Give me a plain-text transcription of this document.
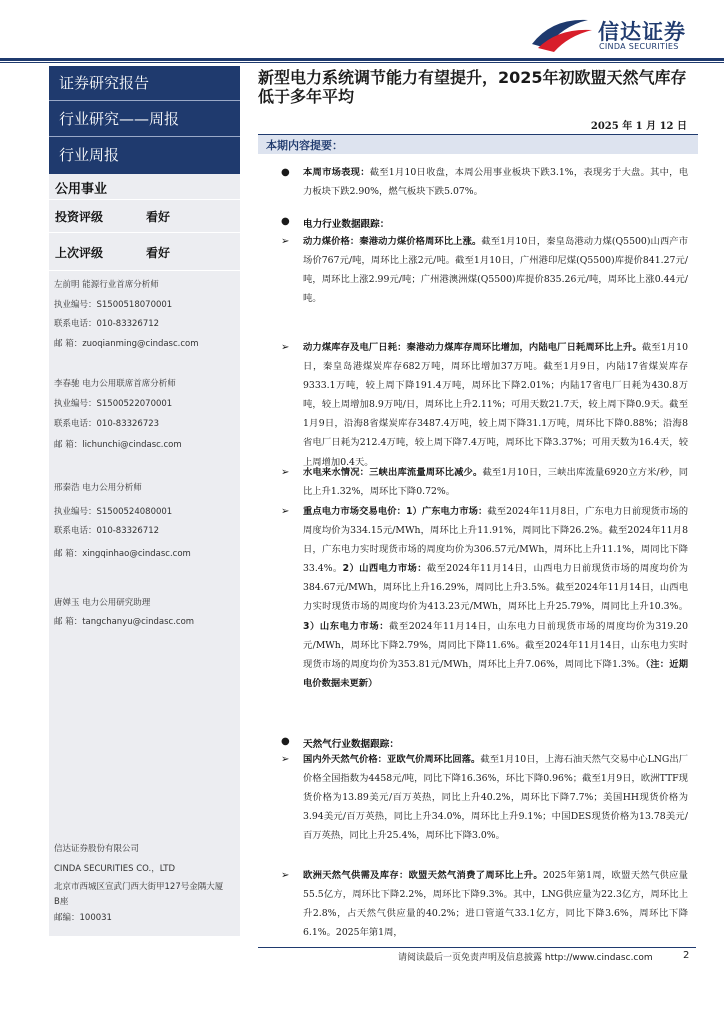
信达证券
CINDA SECURITIES
证券研究报告
行业研究——周报
行业周报
公用事业
投资评级	看好
上次评级	看好
左前明 能源行业首席分析师
执业编号：S1500518070001
联系电话：010-83326712
邮 箱：zuoqianming@cindasc.com
李春驰 电力公用联席首席分析师
执业编号：S1500522070001
联系电话：010-83326723
邮 箱：lichunchi@cindasc.com
邢秦浩 电力公用分析师
执业编号：S1500524080001
联系电话：010-83326712
邮 箱：xingqinhao@cindasc.com
唐婵玉 电力公用研究助理
邮 箱：tangchanyu@cindasc.com
信达证券股份有限公司
CINDA SECURITIES CO.，LTD
北京市西城区宣武门西大街甲127号金隅大厦
B座
邮编：100031
新型电力系统调节能力有望提升，2025年初欧盟天然气库存低于多年平均
2025 年 1 月 12 日
本期内容提要：
● 本周市场表现：截至1月10日收盘，本周公用事业板块下跌3.1%，表现劣于大盘。其中，电力板块下跌2.90%，燃气板块下跌5.07%。
● 电力行业数据跟踪：
➢ 动力煤价格：秦港动力煤价格周环比上涨。截至1月10日，秦皇岛港动力煤(Q5500)山西产市场价767元/吨，周环比上涨2元/吨。截至1月10日，广州港印尼煤(Q5500)库提价841.27元/吨，周环比上涨2.99元/吨；广州港澳洲煤(Q5500)库提价835.26元/吨，周环比上涨0.44元/吨。
➢ 动力煤库存及电厂日耗：秦港动力煤库存周环比增加，内陆电厂日耗周环比上升。截至1月10日，秦皇岛港煤炭库存682万吨，周环比增加37万吨。截至1月9日，内陆17省煤炭库存9333.1万吨，较上周下降191.4万吨，周环比下降2.01%；内陆17省电厂日耗为430.8万吨，较上周增加8.9万吨/日，周环比上升2.11%；可用天数21.7天，较上周下降0.9天。截至1月9日，沿海8省煤炭库存3487.4万吨，较上周下降31.1万吨，周环比下降0.88%；沿海8省电厂日耗为212.4万吨，较上周下降7.4万吨，周环比下降3.37%；可用天数为16.4天，较上周增加0.4天。
➢ 水电来水情况：三峡出库流量周环比减少。截至1月10日，三峡出库流量6920立方米/秒，同比上升1.32%，周环比下降0.72%。
➢ 重点电力市场交易电价：1）广东电力市场：截至2024年11月8日，广东电力日前现货市场的周度均价为334.15元/MWh，周环比上升11.91%，周同比下降26.2%。截至2024年11月8日，广东电力实时现货市场的周度均价为306.57元/MWh，周环比上升11.1%，周同比下降33.4%。2）山西电力市场：截至2024年11月14日，山西电力日前现货市场的周度均价为384.67元/MWh，周环比上升16.29%，周同比上升3.5%。截至2024年11月14日，山西电力实时现货市场的周度均价为413.23元/MWh，周环比上升25.79%，周同比上升10.3%。3）山东电力市场：截至2024年11月14日，山东电力日前现货市场的周度均价为319.20元/MWh，周环比下降2.79%，周同比下降11.6%。截至2024年11月14日，山东电力实时现货市场的周度均价为353.81元/MWh，周环比上升7.06%，周同比下降1.3%。（注：近期电价数据未更新）
● 天然气行业数据跟踪：
➢ 国内外天然气价格：亚欧气价周环比回落。截至1月10日，上海石油天然气交易中心LNG出厂价格全国指数为4458元/吨，同比下降16.36%，环比下降0.96%；截至1月9日，欧洲TTF现货价格为13.89美元/百万英热，同比上升40.2%，周环比下降7.7%；美国HH现货价格为3.94美元/百万英热，同比上升34.0%，周环比上升9.1%；中国DES现货价格为13.78美元/百万英热，同比上升25.4%，周环比下降3.0%。
➢ 欧洲天然气供需及库存：欧盟天然气消费了周环比上升。2025年第1周，欧盟天然气供应量55.5亿方，周环比下降2.2%，周环比下降9.3%。其中，LNG供应量为22.3亿方，周环比上升2.8%，占天然气供应量的40.2%；进口管道气33.1亿方，同比下降3.6%，周环比下降6.1%。2025年第1周，
请阅读最后一页免责声明及信息披露 http://www.cindasc.com	2
